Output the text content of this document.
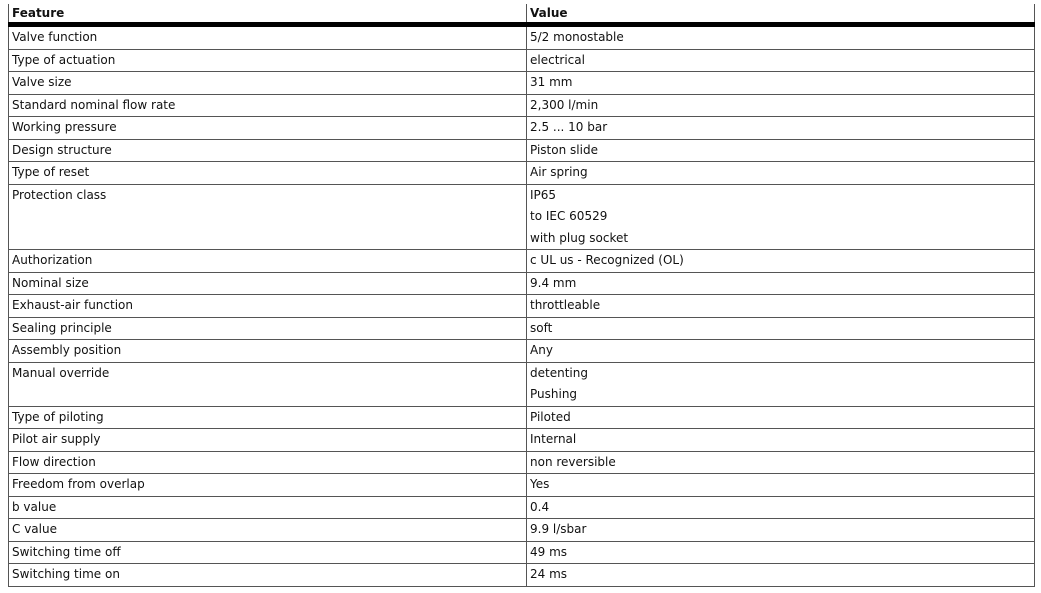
Feature	Value
Valve function	5/2 monostable

Type of actuation	electrical

Valve size	31 mm

Standard nominal flow rate	2,300 l/min

Working pressure	2.5 ... 10 bar

Design structure	Piston slide

Type of reset	Air spring

Protection class	IP65
to IEC 60529
with plug socket

Authorization	c UL us - Recognized (OL)

Nominal size	9.4 mm

Exhaust-air function	throttleable

Sealing principle	soft

Assembly position	Any

Manual override	detenting
Pushing

Type of piloting	Piloted

Pilot air supply	Internal

Flow direction	non reversible

Freedom from overlap	Yes

b value	0.4

C value	9.9 l/sbar

Switching time off	49 ms

Switching time on	24 ms
